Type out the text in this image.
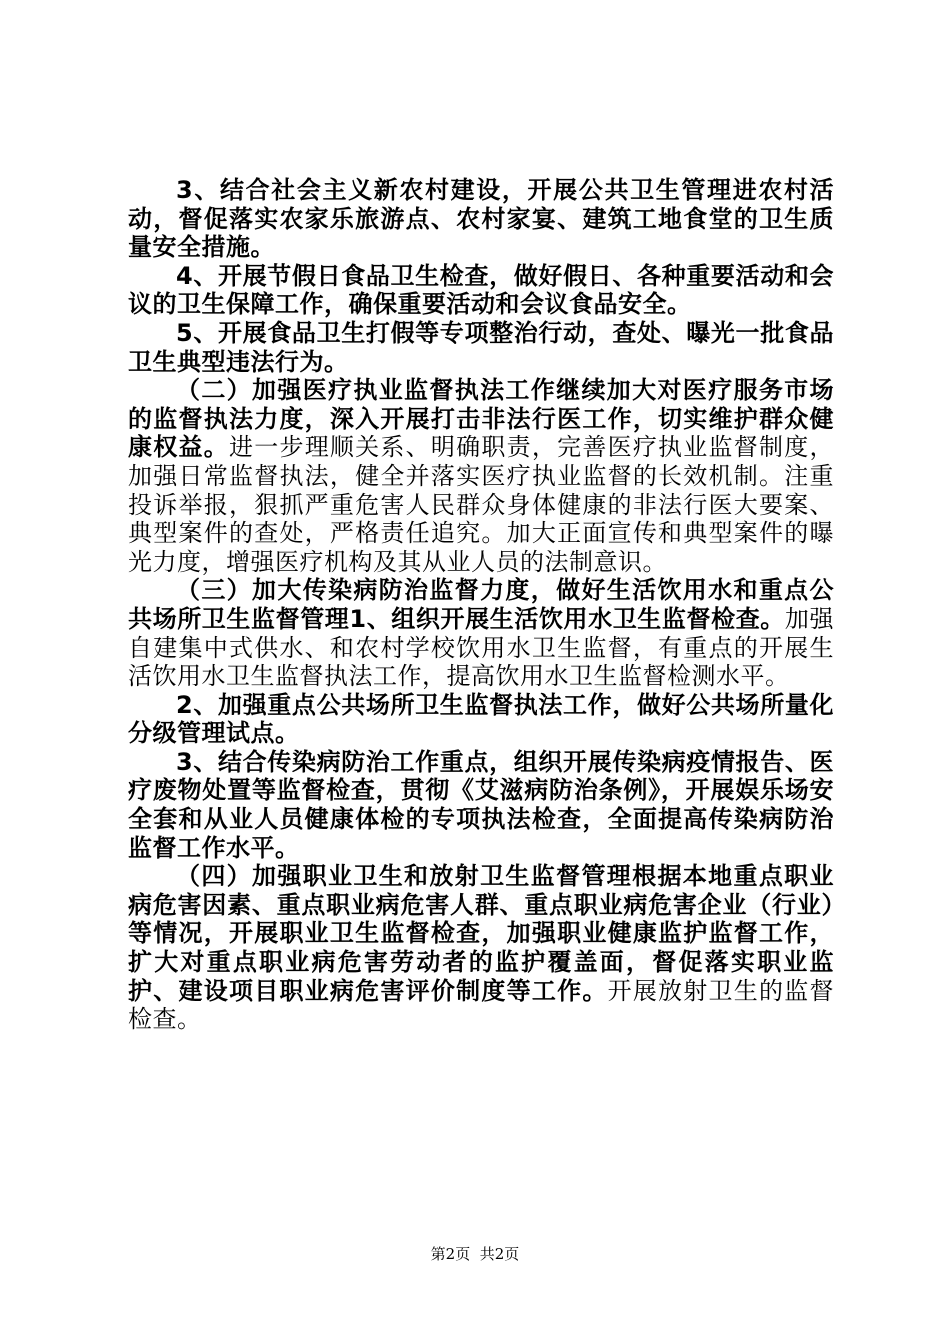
3、结合社会主义新农村建设，开展公共卫生管理进农村活动，督促落实农家乐旅游点、农村家宴、建筑工地食堂的卫生质量安全措施。

4、开展节假日食品卫生检查，做好假日、各种重要活动和会议的卫生保障工作，确保重要活动和会议食品安全。

5、开展食品卫生打假等专项整治行动，查处、曝光一批食品卫生典型违法行为。

（二）加强医疗执业监督执法工作继续加大对医疗服务市场的监督执法力度，深入开展打击非法行医工作，切实维护群众健康权益。进一步理顺关系、明确职责，完善医疗执业监督制度，加强日常监督执法，健全并落实医疗执业监督的长效机制。注重投诉举报，狠抓严重危害人民群众身体健康的非法行医大要案、典型案件的查处，严格责任追究。加大正面宣传和典型案件的曝光力度，增强医疗机构及其从业人员的法制意识。

（三）加大传染病防治监督力度，做好生活饮用水和重点公共场所卫生监督管理1、组织开展生活饮用水卫生监督检查。加强自建集中式供水、和农村学校饮用水卫生监督，有重点的开展生活饮用水卫生监督执法工作，提高饮用水卫生监督检测水平。

2、加强重点公共场所卫生监督执法工作，做好公共场所量化分级管理试点。

3、结合传染病防治工作重点，组织开展传染病疫情报告、医疗废物处置等监督检查，贯彻《艾滋病防治条例》，开展娱乐场安全套和从业人员健康体检的专项执法检查，全面提高传染病防治监督工作水平。

（四）加强职业卫生和放射卫生监督管理根据本地重点职业病危害因素、重点职业病危害人群、重点职业病危害企业（行业）等情况，开展职业卫生监督检查，加强职业健康监护监督工作，扩大对重点职业病危害劳动者的监护覆盖面，督促落实职业监护、建设项目职业病危害评价制度等工作。开展放射卫生的监督检查。

第2页 共2页
